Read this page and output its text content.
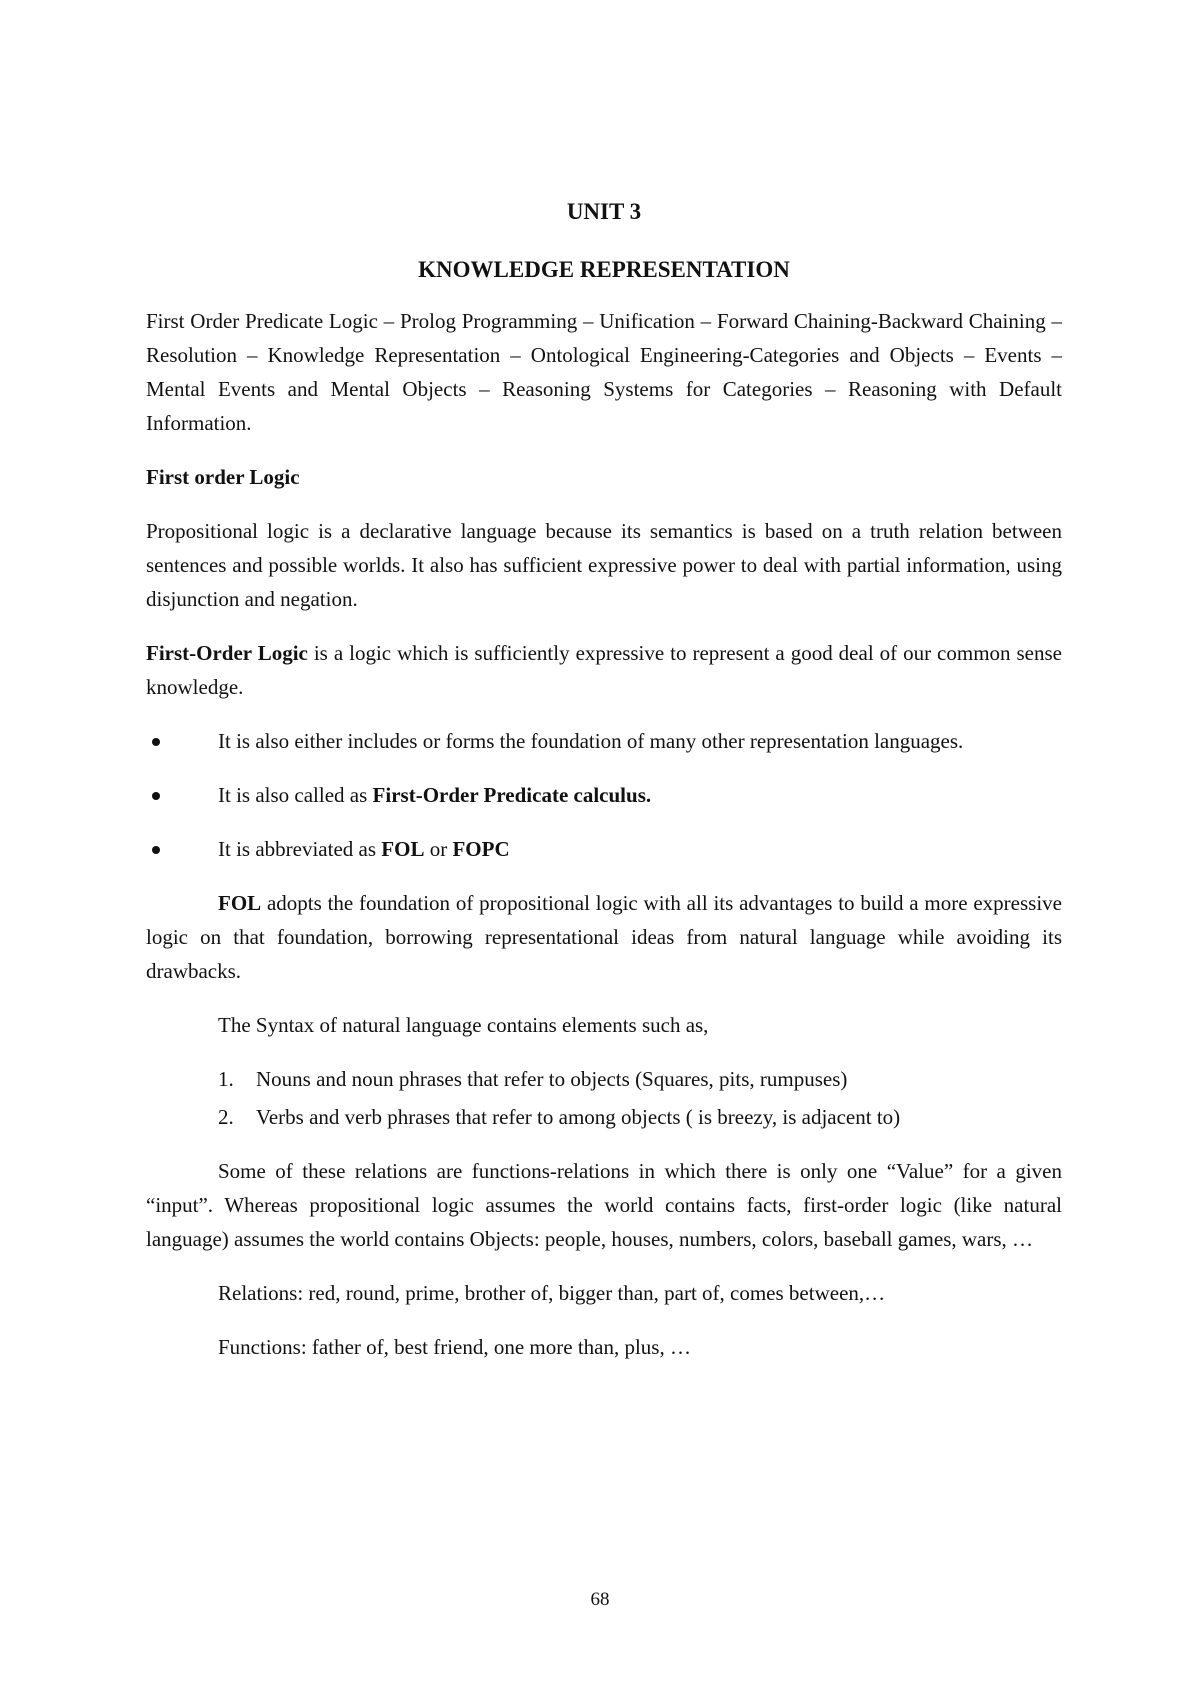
UNIT 3
KNOWLEDGE REPRESENTATION

First Order Predicate Logic – Prolog Programming – Unification – Forward Chaining-Backward Chaining – Resolution – Knowledge Representation – Ontological Engineering-Categories and Objects – Events – Mental Events and Mental Objects – Reasoning Systems for Categories – Reasoning with Default Information.

First order Logic

Propositional logic is a declarative language because its semantics is based on a truth relation between sentences and possible worlds. It also has sufficient expressive power to deal with partial information, using disjunction and negation.

First-Order Logic is a logic which is sufficiently expressive to represent a good deal of our common sense knowledge.

It is also either includes or forms the foundation of many other representation languages.
It is also called as First-Order Predicate calculus.
It is abbreviated as FOL or FOPC

FOL adopts the foundation of propositional logic with all its advantages to build a more expressive logic on that foundation, borrowing representational ideas from natural language while avoiding its drawbacks.

The Syntax of natural language contains elements such as,

1. Nouns and noun phrases that refer to objects (Squares, pits, rumpuses)
2. Verbs and verb phrases that refer to among objects ( is breezy, is adjacent to)

Some of these relations are functions-relations in which there is only one “Value” for a given “input”. Whereas propositional logic assumes the world contains facts, first-order logic (like natural language) assumes the world contains Objects: people, houses, numbers, colors, baseball games, wars, …

Relations: red, round, prime, brother of, bigger than, part of, comes between,…

Functions: father of, best friend, one more than, plus, …

68
